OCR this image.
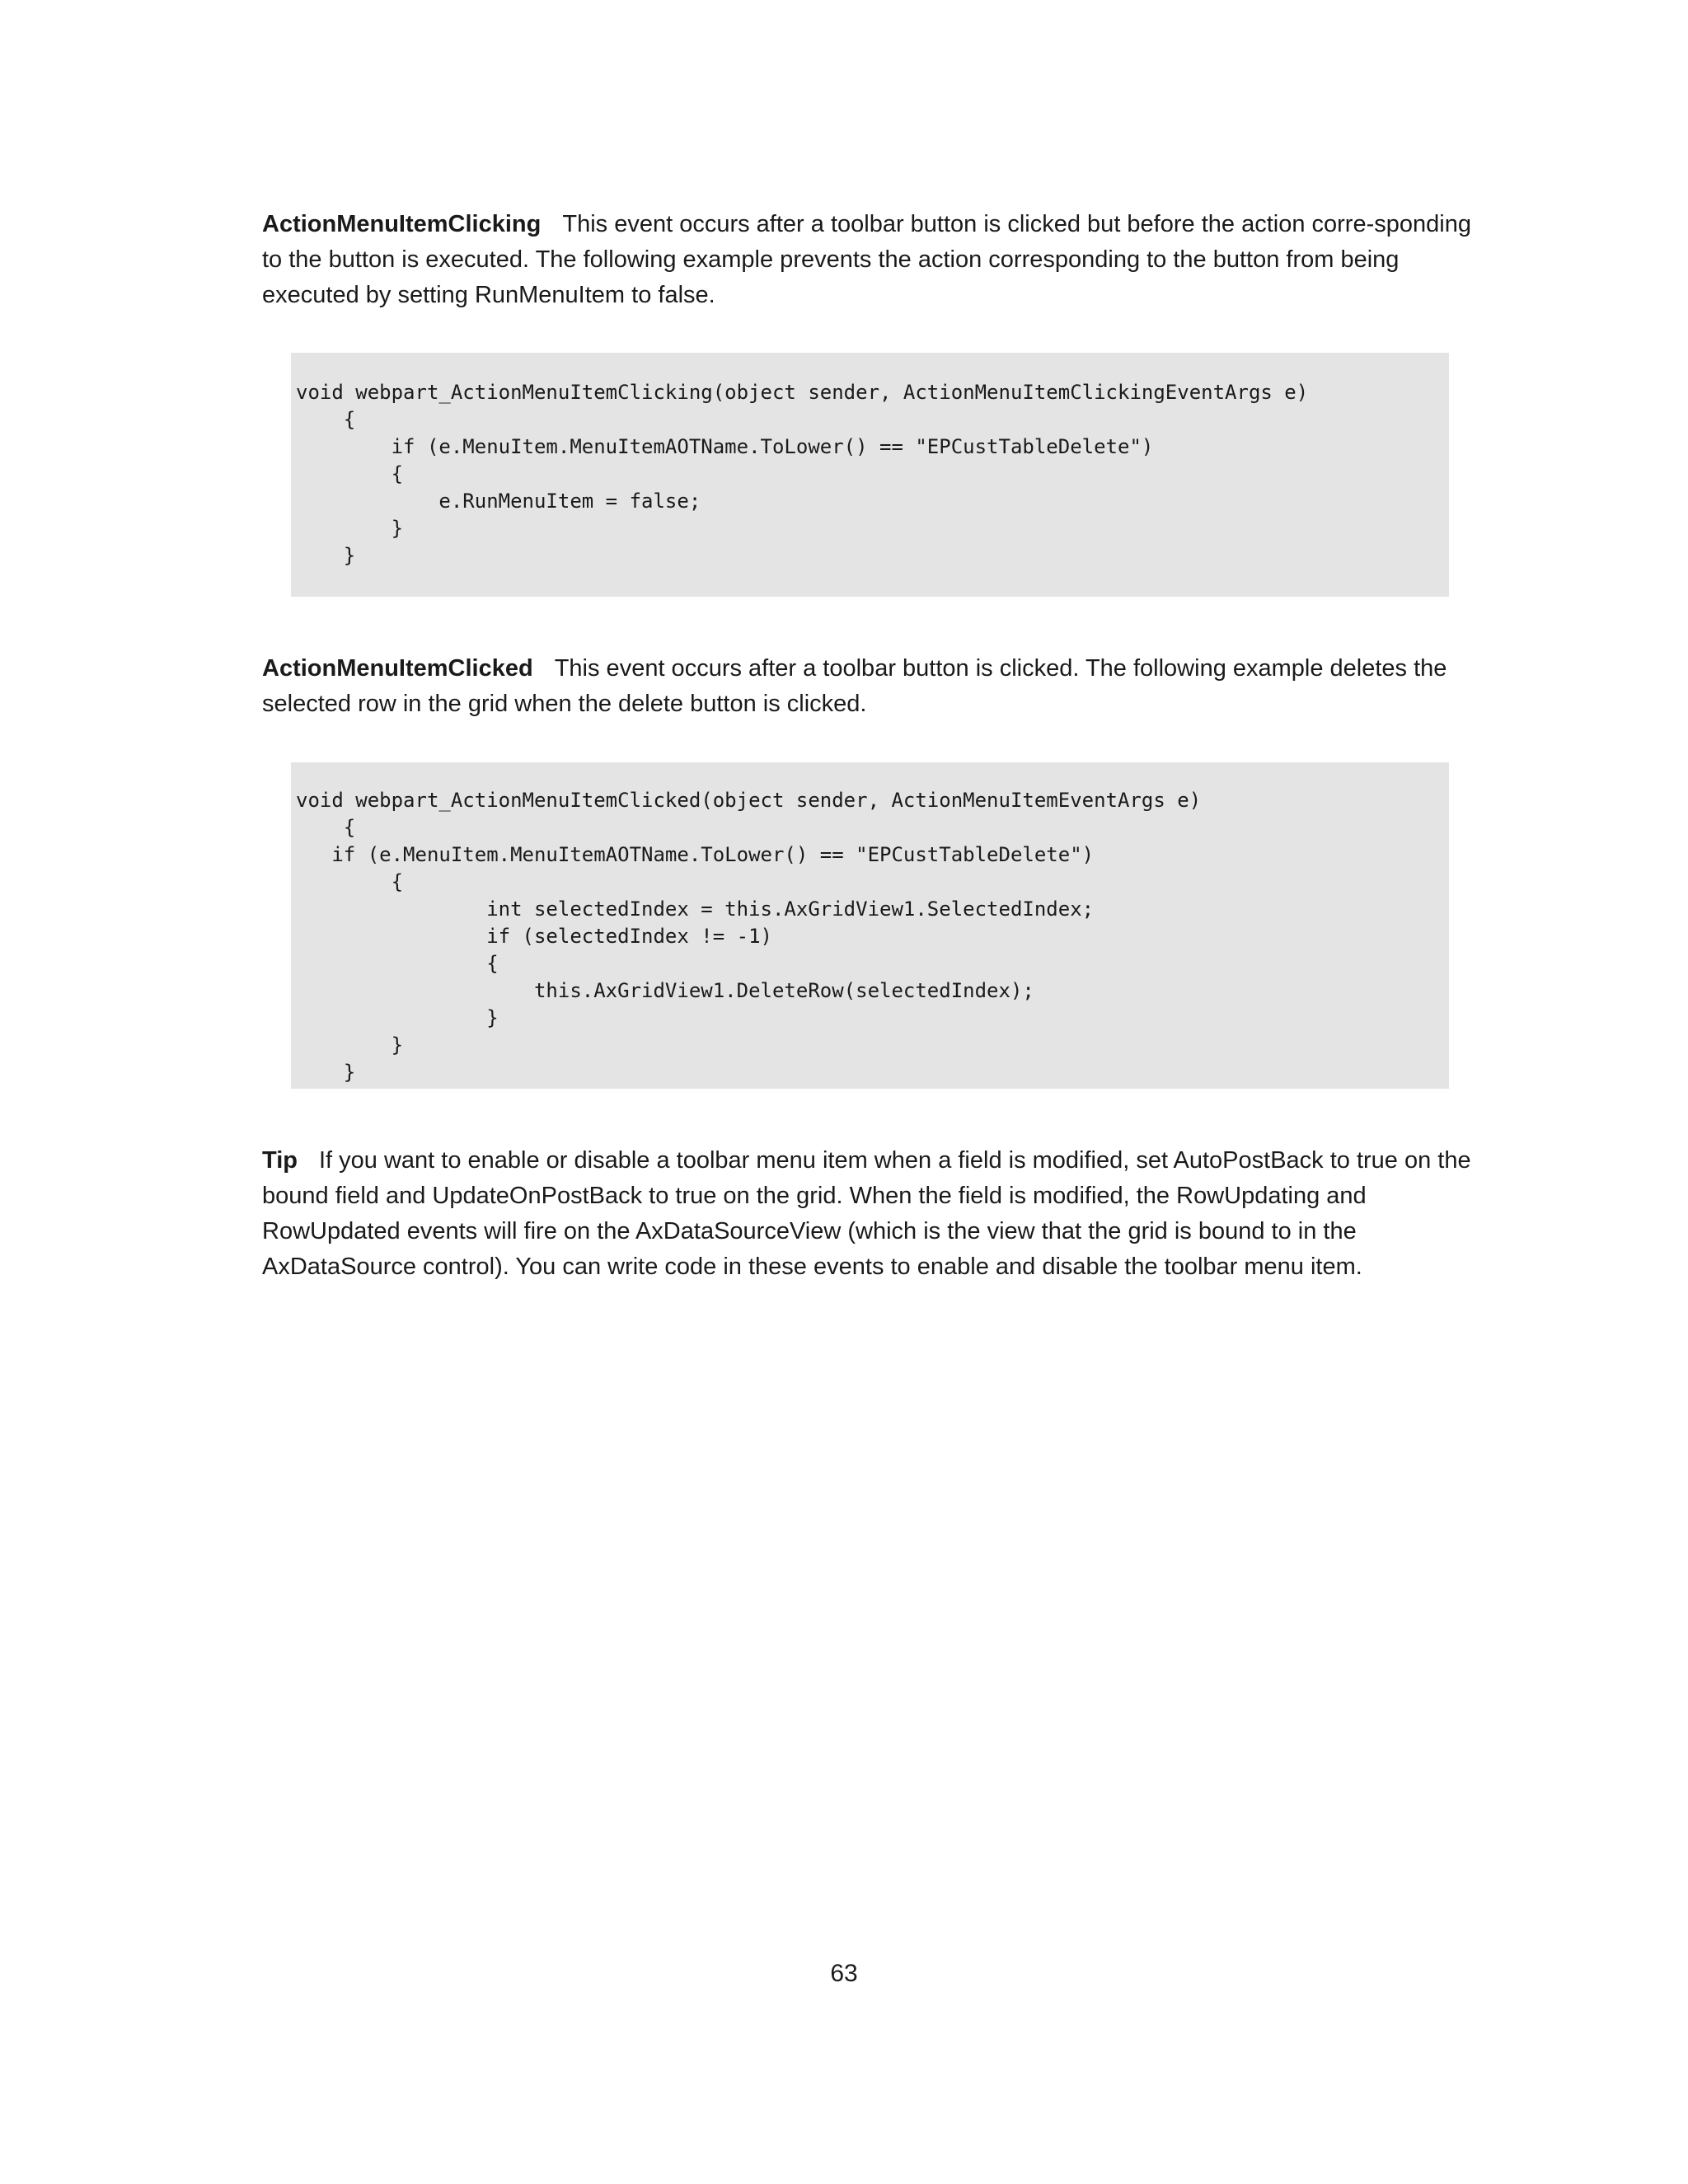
ActionMenuItemClicking This event occurs after a toolbar button is clicked but before the action corre-sponding to the button is executed. The following example prevents the action corresponding to the button from being executed by setting RunMenuItem to false.

void webpart_ActionMenuItemClicking(object sender, ActionMenuItemClickingEventArgs e)
{
if (e.MenuItem.MenuItemAOTName.ToLower() == "EPCustTableDelete")
{
e.RunMenuItem = false;
}
}

ActionMenuItemClicked This event occurs after a toolbar button is clicked. The following example deletes the selected row in the grid when the delete button is clicked.

void webpart_ActionMenuItemClicked(object sender, ActionMenuItemEventArgs e)
{
if (e.MenuItem.MenuItemAOTName.ToLower() == "EPCustTableDelete")
{
int selectedIndex = this.AxGridView1.SelectedIndex;
if (selectedIndex != -1)
{
this.AxGridView1.DeleteRow(selectedIndex);
}
}
}

Tip If you want to enable or disable a toolbar menu item when a field is modified, set AutoPostBack to true on the bound field and UpdateOnPostBack to true on the grid. When the field is modified, the RowUpdating and RowUpdated events will fire on the AxDataSourceView (which is the view that the grid is bound to in the AxDataSource control). You can write code in these events to enable and disable the toolbar menu item.

63
